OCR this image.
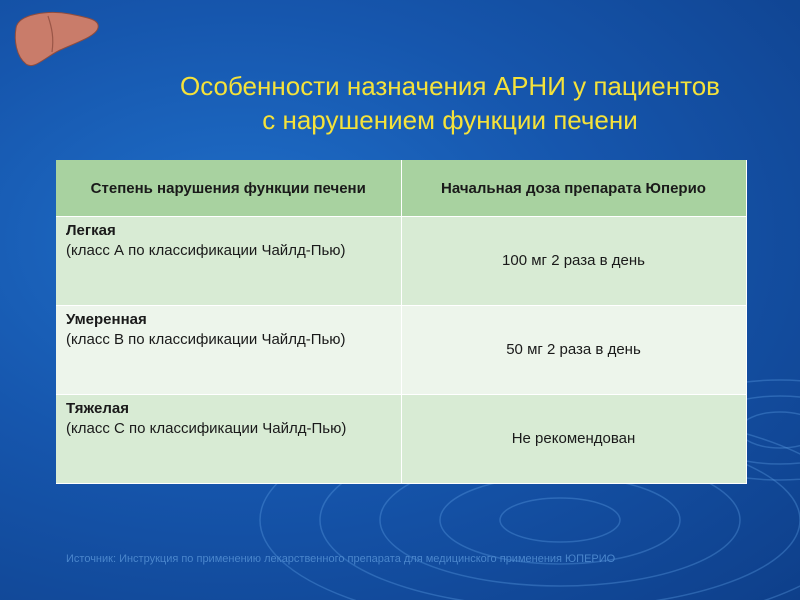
Особенности назначения АРНИ у пациентов
с нарушением функции печени
Степень нарушения функции печени	Начальная доза препарата Юперио

Легкая
(класс А по классификации Чайлд-Пью)	100 мг 2 раза в день

Умеренная
(класс В по классификации Чайлд-Пью)	50 мг 2 раза в день

Тяжелая
(класс С по классификации Чайлд-Пью)	Не рекомендован
Источник: Инструкция по применению лекарственного препарата для медицинского применения ЮПЕРИО
